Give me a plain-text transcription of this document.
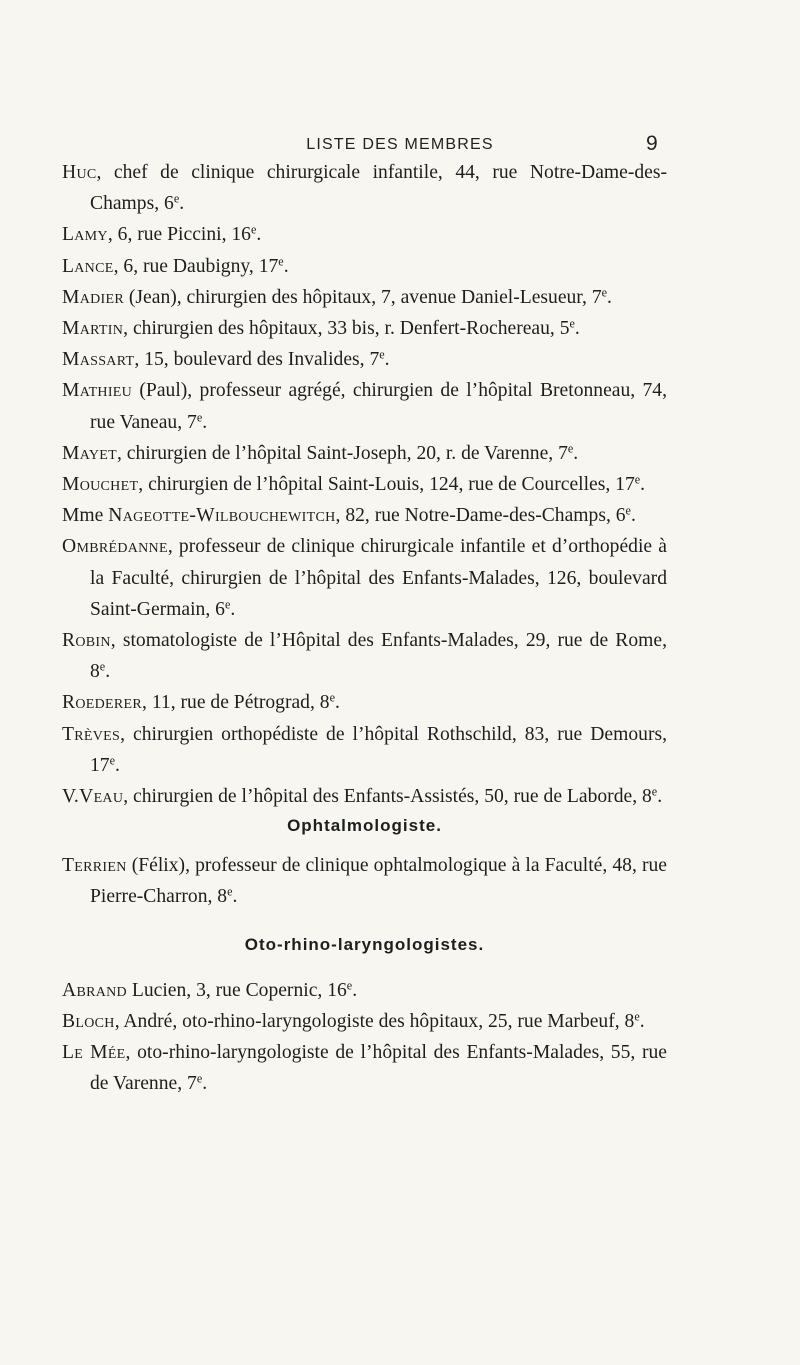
LISTE DES MEMBRES	9

Huc, chef de clinique chirurgicale infantile, 44, rue Notre-Dame-des-Champs, 6e.

Lamy, 6, rue Piccini, 16e.

Lance, 6, rue Daubigny, 17e.

Madier (Jean), chirurgien des hôpitaux, 7, avenue Daniel-Lesueur, 7e.

Martin, chirurgien des hôpitaux, 33 bis, r. Denfert-Rochereau, 5e.

Massart, 15, boulevard des Invalides, 7e.

Mathieu (Paul), professeur agrégé, chirurgien de l’hôpital Bretonneau, 74, rue Vaneau, 7e.

Mayet, chirurgien de l’hôpital Saint-Joseph, 20, r. de Varenne, 7e.

Mouchet, chirurgien de l’hôpital Saint-Louis, 124, rue de Courcelles, 17e.

Mme Nageotte-Wilbouchewitch, 82, rue Notre-Dame-des-Champs, 6e.

Ombrédanne, professeur de clinique chirurgicale infantile et d’orthopédie à la Faculté, chirurgien de l’hôpital des Enfants-Malades, 126, boulevard Saint-Germain, 6e.

Robin, stomatologiste de l’Hôpital des Enfants-Malades, 29, rue de Rome, 8e.

Roederer, 11, rue de Pétrograd, 8e.

Trèves, chirurgien orthopédiste de l’hôpital Rothschild, 83, rue Demours, 17e.

V.Veau, chirurgien de l’hôpital des Enfants-Assistés, 50, rue de Laborde, 8e.

Ophtalmologiste.

Terrien (Félix), professeur de clinique ophtalmologique à la Faculté, 48, rue Pierre-Charron, 8e.

Oto-rhino-laryngologistes.

Abrand Lucien, 3, rue Copernic, 16e.

Bloch, André, oto-rhino-laryngologiste des hôpitaux, 25, rue Marbeuf, 8e.

Le Mée, oto-rhino-laryngologiste de l’hôpital des Enfants-Malades, 55, rue de Varenne, 7e.
